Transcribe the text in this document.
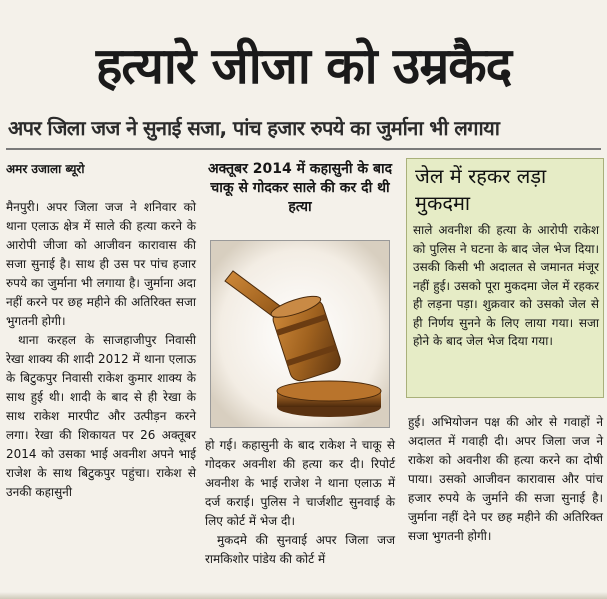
हत्यारे जीजा को उम्रकैद
अपर जिला जज ने सुनाई सजा, पांच हजार रुपये का जुर्माना भी लगाया
अमर उजाला ब्यूरो

मैनपुरी। अपर जिला जज ने शनिवार को थाना एलाऊ क्षेत्र में साले की हत्या करने के आरोपी जीजा को आजीवन कारावास की सजा सुनाई है। साथ ही उस पर पांच हजार रुपये का जुर्माना भी लगाया है। जुर्माना अदा नहीं करने पर छह महीने की अतिरिक्त सजा भुगतनी होगी।

थाना करहल के साजहाजीपुर निवासी रेखा शाक्य की शादी 2012 में थाना एलाऊ के बिटुकपुर निवासी राकेश कुमार शाक्य के साथ हुई थी। शादी के बाद से ही रेखा के साथ राकेश मारपीट और उत्पीड़न करने लगा। रेखा की शिकायत पर 26 अक्तूबर 2014 को उसका भाई अवनीश अपने भाई राजेश के साथ बिटुकपुर पहुंचा। राकेश से उनकी कहासुनी

अक्तूबर 2014 में कहासुनी के बाद चाकू से गोदकर साले की कर दी थी हत्या
जेल में रहकर लड़ा मुकदमा
साले अवनीश की हत्या के आरोपी राकेश को पुलिस ने घटना के बाद जेल भेज दिया। उसकी किसी भी अदालत से जमानत मंजूर नहीं हुई। उसको पूरा मुकदमा जेल में रहकर ही लड़ना पड़ा। शुक्रवार को उसको जेल से ही निर्णय सुनने के लिए लाया गया। सजा होने के बाद जेल भेज दिया गया।

हो गई। कहासुनी के बाद राकेश ने चाकू से गोदकर अवनीश की हत्या कर दी। रिपोर्ट अवनीश के भाई राजेश ने थाना एलाऊ में दर्ज कराई। पुलिस ने चार्जशीट सुनवाई के लिए कोर्ट में भेज दी।

मुकदमे की सुनवाई अपर जिला जज रामकिशोर पांडेय की कोर्ट में

हुई। अभियोजन पक्ष की ओर से गवाहों ने अदालत में गवाही दी। अपर जिला जज ने राकेश को अवनीश की हत्या करने का दोषी पाया। उसको आजीवन कारावास और पांच हजार रुपये के जुर्माने की सजा सुनाई है। जुर्माना नहीं देने पर छह महीने की अतिरिक्त सजा भुगतनी होगी।
